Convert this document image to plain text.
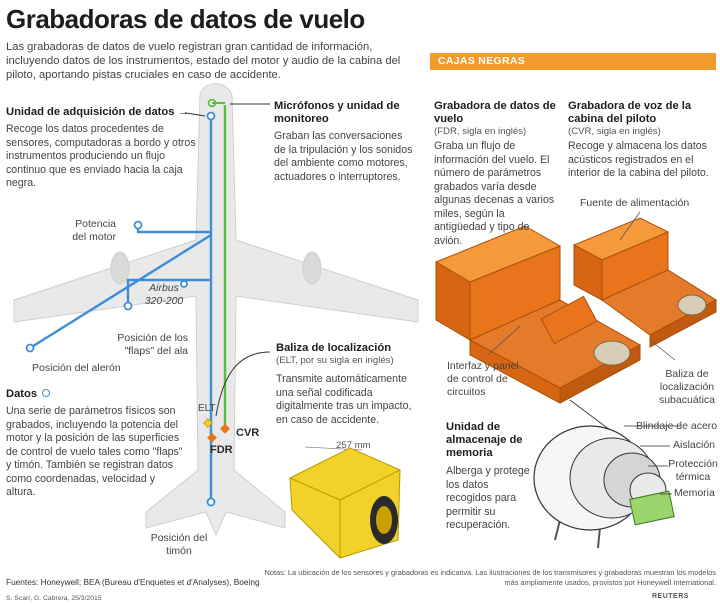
Grabadoras de datos de vuelo
Las grabadoras de datos de vuelo registran gran cantidad de información, incluyendo datos de los instrumentos, estado del motor y audio de la cabina del piloto, aportando pistas cruciales en caso de accidente.
CAJAS NEGRAS
Unidad de adquisición de datos →
Recoge los datos procedentes de sensores, computadoras a bordo y otros instrumentos produciendo un flujo continuo que es enviado hacia la caja negra.
Micrófonos y unidad de monitoreo
Graban las conversaciones de la tripulación y los sonidos del ambiente como motores, actuadores o interruptores.
Potencia del motor
Airbus 320-200
Posición de los "flaps" del ala
Posición del alerón
Datos
Una serie de parámetros físicos son grabados, incluyendo la potencia del motor y la posición de las superficies de control de vuelo tales como "flaps" y timón. También se registran datos como coordenadas, velocidad y altura.
Baliza de localización
(ELT, por su sigla en inglés)
Transmite automáticamente una señal codificada digitalmente tras un impacto, en caso de accidente.
257 mm
ELT
CVR
FDR
Posición del timón
Grabadora de datos de vuelo
(FDR, sigla en inglés)
Graba un flujo de información del vuelo. El número de parámetros grabados varía desde algunas decenas a varios miles, según la antigüedad y tipo de avión.
Grabadora de voz de la cabina del piloto
(CVR, sigla en inglés)
Recoge y almacena los datos acústicos registrados en el interior de la cabina del piloto.
Fuente de alimentación
Interfaz y panel de control de circuitos
Baliza de localización subacuática
Unidad de almacenaje de memoria
Alberga y protege los datos recogidos para permitir su recuperación.
Blindaje de acero
Aislación
Protección térmica
Memoria
Notas: La ubicación de los sensores y grabadoras es indicativa. Las ilustraciones de los transmisores y grabadoras muestran los modelos más ampliamente usados, provistos por Honeywell International.
Fuentes: Honeywell; BEA (Bureau d'Enquetes et d'Analyses), Boeing
S. Scarr, G. Cabrera, 25/3/2015	REUTERS
